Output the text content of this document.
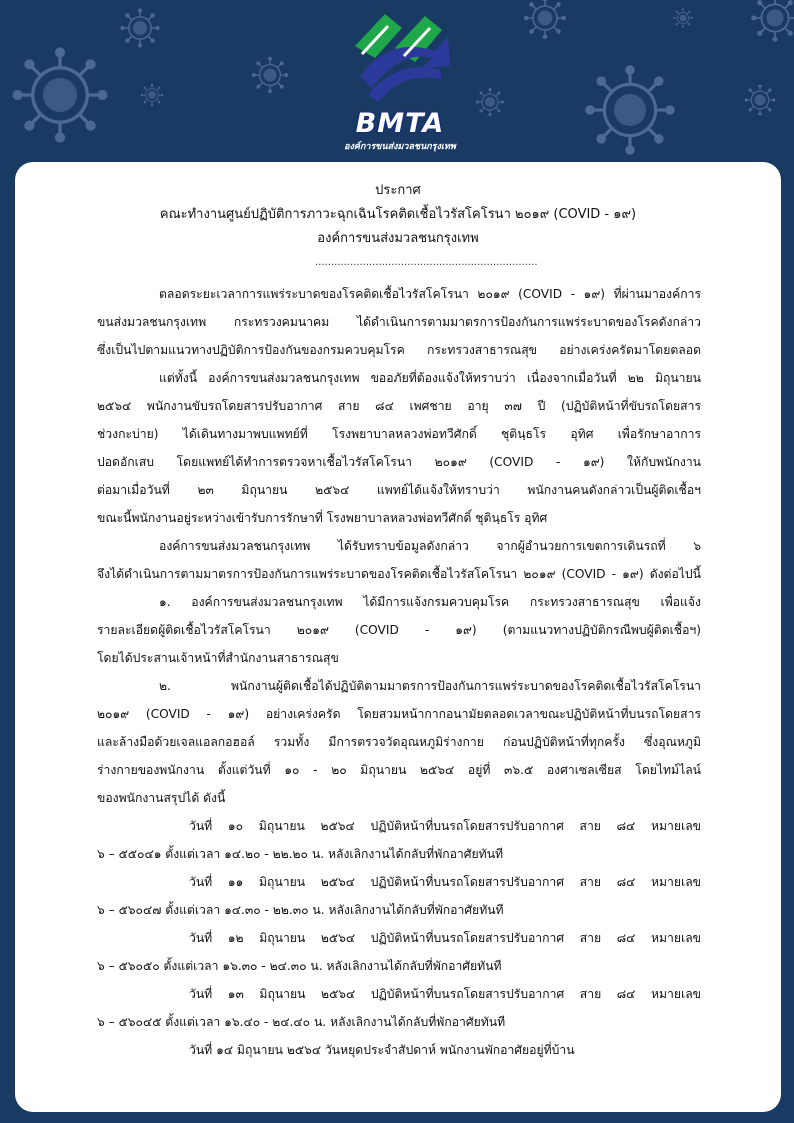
BMTA
องค์การขนส่งมวลชนกรุงเทพ
ประกาศ
คณะทำงานศูนย์ปฏิบัติการภาวะฉุกเฉินโรคติดเชื้อไวรัสโคโรนา ๒๐๑๙ (COVID - ๑๙)
องค์การขนส่งมวลชนกรุงเทพ
......................................................................
ตลอดระยะเวลาการแพร่ระบาดของโรคติดเชื้อไวรัสโคโรนา ๒๐๑๙ (COVID - ๑๙) ที่ผ่านมาองค์การ
ขนส่งมวลชนกรุงเทพ กระทรวงคมนาคม ได้ดำเนินการตามมาตรการป้องกันการแพร่ระบาดของโรคดังกล่าว
ซึ่งเป็นไปตามแนวทางปฏิบัติการป้องกันของกรมควบคุมโรค กระทรวงสาธารณสุข อย่างเคร่งครัดมาโดยตลอด
แต่ทั้งนี้ องค์การขนส่งมวลชนกรุงเทพ ขออภัยที่ต้องแจ้งให้ทราบว่า เนื่องจากเมื่อวันที่ ๒๒ มิถุนายน
๒๕๖๔ พนักงานขับรถโดยสารปรับอากาศ สาย ๘๔ เพศชาย อายุ ๓๗ ปี (ปฏิบัติหน้าที่ขับรถโดยสาร
ช่วงกะบ่าย) ได้เดินทางมาพบแพทย์ที่ โรงพยาบาลหลวงพ่อทวีศักดิ์ ชุตินฺธโร อุทิศ เพื่อรักษาอาการ
ปอดอักเสบ โดยแพทย์ได้ทำการตรวจหาเชื้อไวรัสโคโรนา ๒๐๑๙ (COVID - ๑๙) ให้กับพนักงาน
ต่อมาเมื่อวันที่ ๒๓ มิถุนายน ๒๕๖๔ แพทย์ได้แจ้งให้ทราบว่า พนักงานคนดังกล่าวเป็นผู้ติดเชื้อฯ
ขณะนี้พนักงานอยู่ระหว่างเข้ารับการรักษาที่ โรงพยาบาลหลวงพ่อทวีศักดิ์ ชุตินฺธโร อุทิศ
องค์การขนส่งมวลชนกรุงเทพ ได้รับทราบข้อมูลดังกล่าว จากผู้อำนวยการเขตการเดินรถที่ ๖
จึงได้ดำเนินการตามมาตรการป้องกันการแพร่ระบาดของโรคติดเชื้อไวรัสโคโรนา ๒๐๑๙ (COVID - ๑๙) ดังต่อไปนี้
๑. องค์การขนส่งมวลชนกรุงเทพ ได้มีการแจ้งกรมควบคุมโรค กระทรวงสาธารณสุข เพื่อแจ้ง
รายละเอียดผู้ติดเชื้อไวรัสโคโรนา ๒๐๑๙ (COVID - ๑๙) (ตามแนวทางปฏิบัติกรณีพบผู้ติดเชื้อฯ)
โดยได้ประสานเจ้าหน้าที่สำนักงานสาธารณสุข
๒. พนักงานผู้ติดเชื้อได้ปฏิบัติตามมาตรการป้องกันการแพร่ระบาดของโรคติดเชื้อไวรัสโคโรนา
๒๐๑๙ (COVID - ๑๙) อย่างเคร่งครัด โดยสวมหน้ากากอนามัยตลอดเวลาขณะปฏิบัติหน้าที่บนรถโดยสาร
และล้างมือด้วยเจลแอลกอฮอล์ รวมทั้ง มีการตรวจวัดอุณหภูมิร่างกาย ก่อนปฏิบัติหน้าที่ทุกครั้ง ซึ่งอุณหภูมิ
ร่างกายของพนักงาน ตั้งแต่วันที่ ๑๐ - ๒๐ มิถุนายน ๒๕๖๔ อยู่ที่ ๓๖.๕ องศาเซลเซียส โดยไทม์ไลน์
ของพนักงานสรุปได้ ดังนี้
วันที่ ๑๐ มิถุนายน ๒๕๖๔ ปฏิบัติหน้าที่บนรถโดยสารปรับอากาศ สาย ๘๔ หมายเลข
๖ – ๕๕๐๔๑ ตั้งแต่เวลา ๑๔.๒๐ - ๒๒.๒๐ น. หลังเลิกงานได้กลับที่พักอาศัยทันที
วันที่ ๑๑ มิถุนายน ๒๕๖๔ ปฏิบัติหน้าที่บนรถโดยสารปรับอากาศ สาย ๘๔ หมายเลข
๖ – ๕๖๐๔๗ ตั้งแต่เวลา ๑๔.๓๐ - ๒๒.๓๐ น. หลังเลิกงานได้กลับที่พักอาศัยทันที
วันที่ ๑๒ มิถุนายน ๒๕๖๔ ปฏิบัติหน้าที่บนรถโดยสารปรับอากาศ สาย ๘๔ หมายเลข
๖ – ๕๖๐๕๐ ตั้งแต่เวลา ๑๖.๓๐ - ๒๔.๓๐ น. หลังเลิกงานได้กลับที่พักอาศัยทันที
วันที่ ๑๓ มิถุนายน ๒๕๖๔ ปฏิบัติหน้าที่บนรถโดยสารปรับอากาศ สาย ๘๔ หมายเลข
๖ – ๕๖๐๔๕ ตั้งแต่เวลา ๑๖.๔๐ - ๒๔.๔๐ น. หลังเลิกงานได้กลับที่พักอาศัยทันที
วันที่ ๑๔ มิถุนายน ๒๕๖๔ วันหยุดประจำสัปดาห์ พนักงานพักอาศัยอยู่ที่บ้าน
